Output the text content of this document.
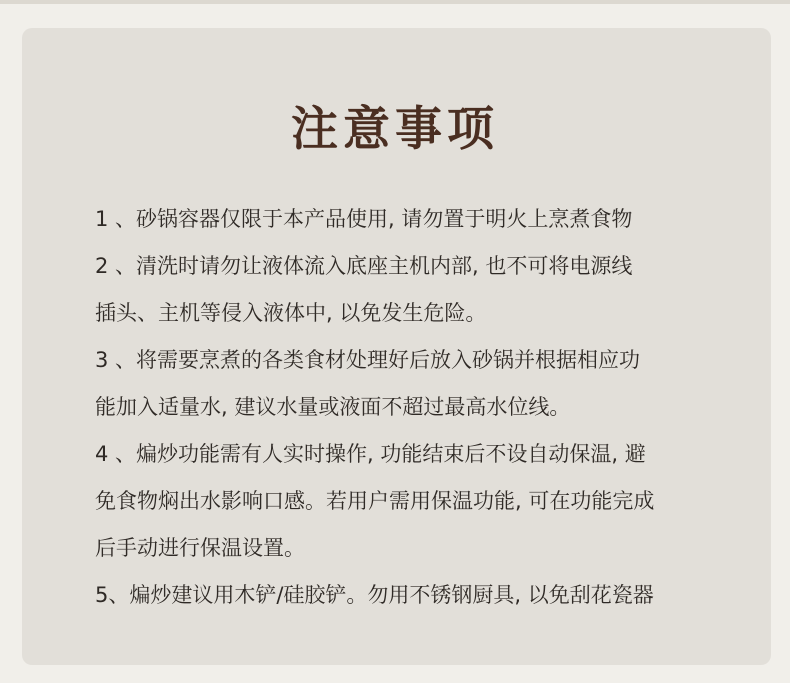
注意事项
1 、砂锅容器仅限于本产品使用, 请勿置于明火上烹煮食物
2 、清洗时请勿让液体流入底座主机内部, 也不可将电源线
插头、主机等侵入液体中, 以免发生危险。
3 、将需要烹煮的各类食材处理好后放入砂锅并根据相应功
能加入适量水, 建议水量或液面不超过最高水位线。
4 、煸炒功能需有人实时操作, 功能结束后不设自动保温, 避
免食物焖出水影响口感。若用户需用保温功能, 可在功能完成
后手动进行保温设置。
5、煸炒建议用木铲/硅胶铲。勿用不锈钢厨具, 以免刮花瓷器
